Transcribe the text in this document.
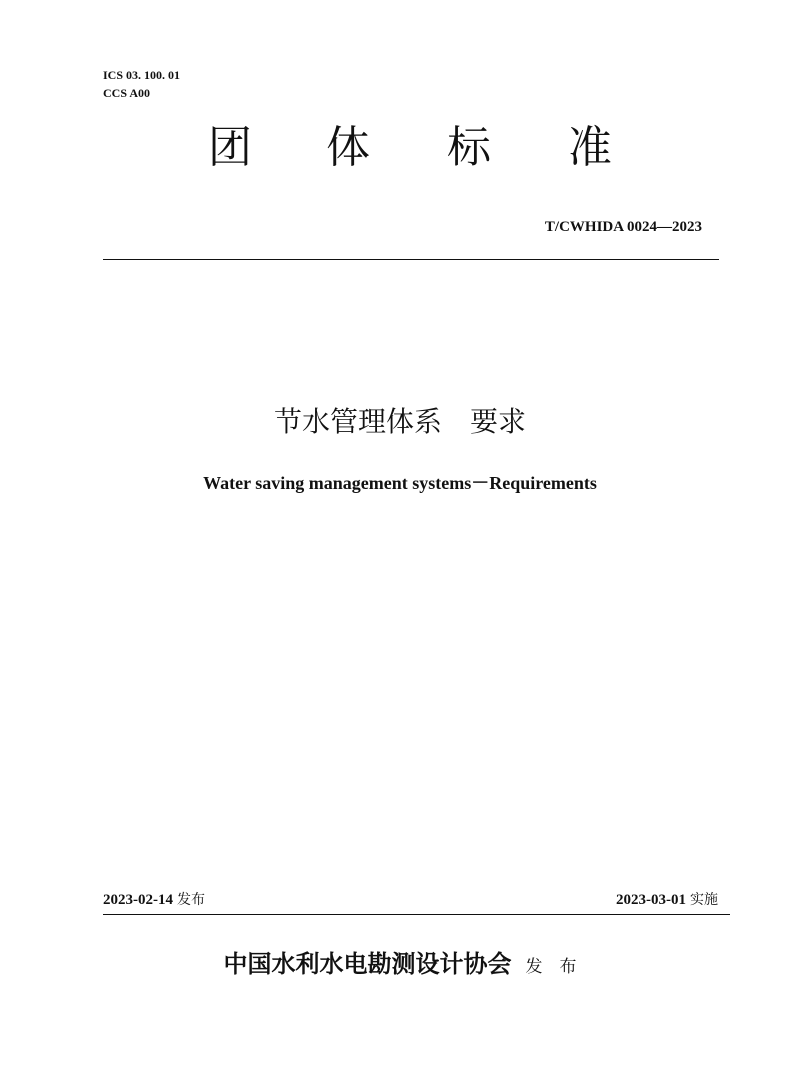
ICS 03. 100. 01
CCS A00
团 体 标 准
T/CWHIDA 0024—2023
节水管理体系　要求
Water saving management systems－Requirements
2023-02-14 发布	2023-03-01 实施
中国水利水电勘测设计协会 发　布
